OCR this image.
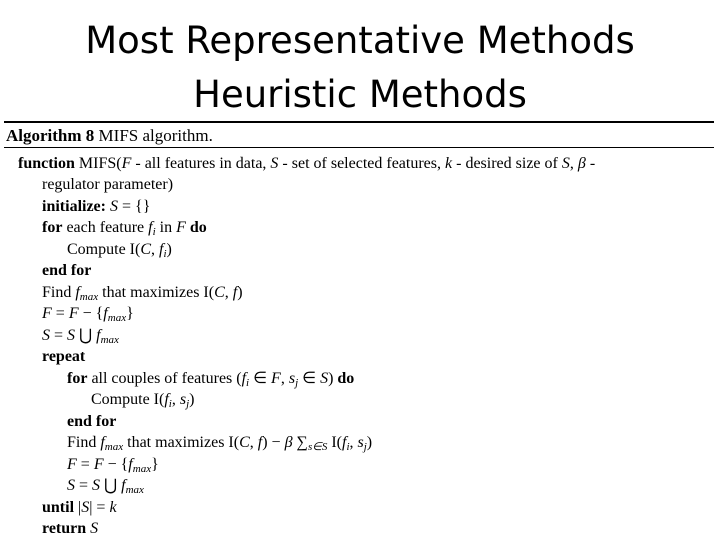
Most Representative Methods
Heuristic Methods
Algorithm 8 MIFS algorithm.
function MIFS(F - all features in data, S - set of selected features, k - desired size of S, β -
regulator parameter)
initialize: S = {}
for each feature $f_i$ in F do
Compute I(C, $f_i$)
end for
Find $f_{max}$ that maximizes I(C, f)
$F = F - \{f_{max}\}$
S = S ⋃ $f_{max}$
repeat
for all couples of features ($f_i$ ∈ F, $s_j$ ∈ S) do
Compute $I(f_i$, $s_j$)
end for
Find $f_{max}$ that maximizes I(C, f) − β $\sum_{s\in S}$ $I(f_i$, $s_j$)
$F = F - \{f_{max}\}$
S = S ⋃ $f_{max}$
until |S| = k
return S
